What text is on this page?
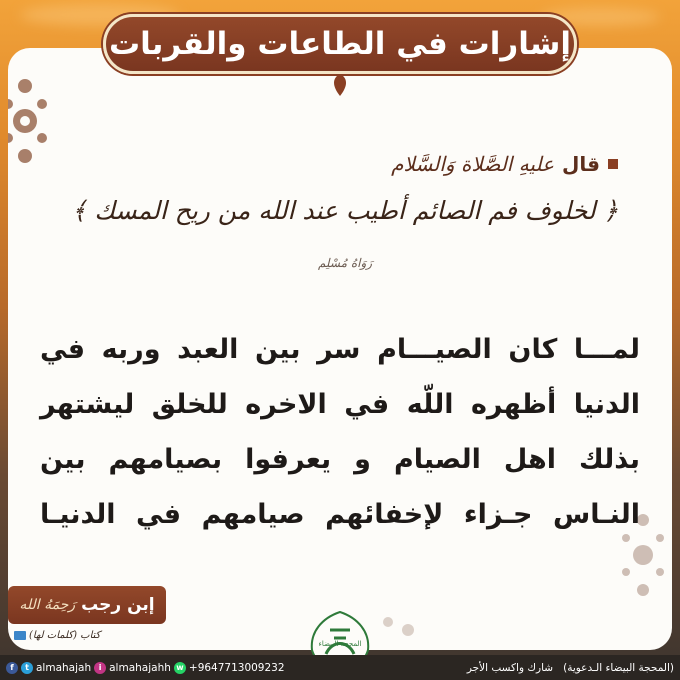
إشارات في الطاعات والقربات
قال
عليهِ الصَّلاة وَالسَّلام
﴿ لخلوف فم الصائم أطيب عند الله من ريح المسك ﴾
رَوَاهُ مُسْلِم
لمـــا كان الصيـــام سر بين العبد وربه في الدنيا أظهره اللّه في الاخره للخلق ليشتهر بذلك اهل الصيام و يعرفوا بصيامهم بين النـاس جـزاء لإخفائهم صيامهم في الدنيـا
إبن رجب
رَحِمَهُ الله
كتاب (كلمات لها)
المحجة البيضاء
f	t almahajah i almahajahh w +9647713009232	(المحجة البيضاء الـدعوية)
شارك واكسب الأجر
